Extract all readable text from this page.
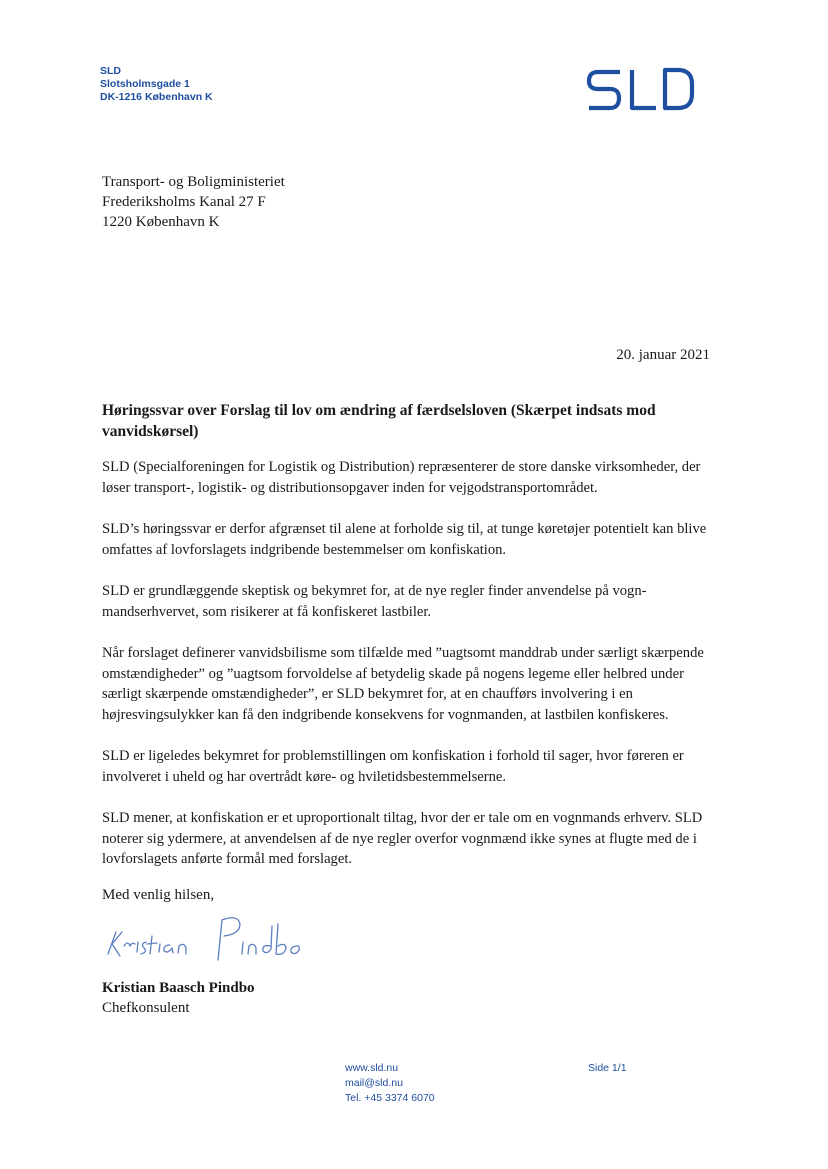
SLD
Slotsholmsgade 1
DK-1216 København K
Transport- og Boligministeriet
Frederiksholms Kanal 27 F
1220 København K
20. januar 2021
Høringssvar over Forslag til lov om ændring af færdselsloven (Skærpet indsats mod vanvidskørsel)

SLD (Specialforeningen for Logistik og Distribution) repræsenterer de store danske virksomheder, der løser transport-, logistik- og distributionsopgaver inden for vejgodstransportområdet.

SLD’s høringssvar er derfor afgrænset til alene at forholde sig til, at tunge køretøjer potentielt kan blive omfattes af lovforslagets indgribende bestemmelser om konfiskation.

SLD er grundlæggende skeptisk og bekymret for, at de nye regler finder anvendelse på vognmandserhvervet, som risikerer at få konfiskeret lastbiler.

Når forslaget definerer vanvidsbilisme som tilfælde med ”uagtsomt manddrab under særligt skærpende omstændigheder” og ”uagtsom forvoldelse af betydelig skade på nogens legeme eller helbred under særligt skærpende omstændigheder”, er SLD bekymret for, at en chaufførs involvering i en højresvingsulykker kan få den indgribende konsekvens for vognmanden, at lastbilen konfiskeres.

SLD er ligeledes bekymret for problemstillingen om konfiskation i forhold til sager, hvor føreren er involveret i uheld og har overtrådt køre- og hviletidsbestemmelserne.

SLD mener, at konfiskation er et uproportionalt tiltag, hvor der er tale om en vognmands erhverv. SLD noterer sig ydermere, at anvendelsen af de nye regler overfor vognmænd ikke synes at flugte med de i lovforslagets anførte formål med forslaget.

Med venlig hilsen,
Kristian Baasch Pindbo
Chefkonsulent
www.sld.nu
mail@sld.nu
Tel. +45 3374 6070
Side 1/1
